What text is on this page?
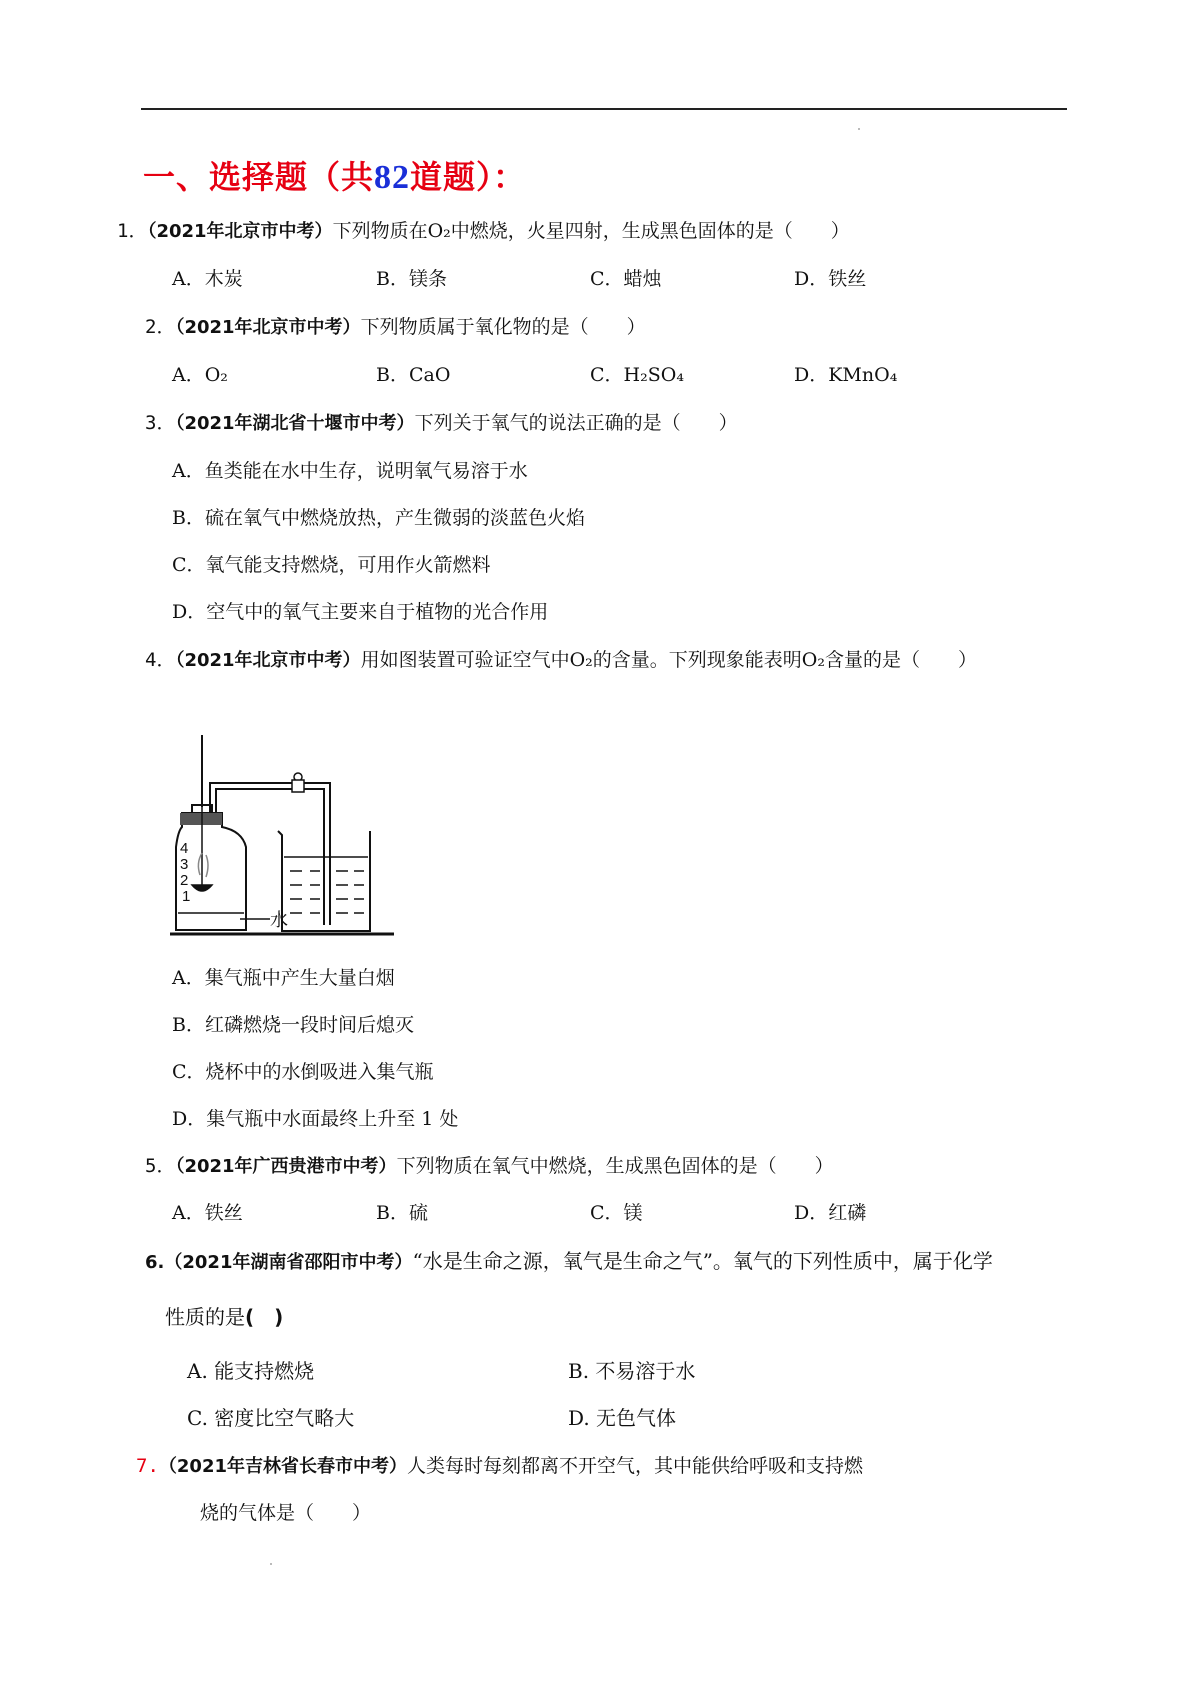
一、选择题（共82道题）：
1．（2021年北京市中考）下列物质在O₂中燃烧，火星四射，生成黑色固体的是（　　）
A．木炭	B．镁条	C．蜡烛	D．铁丝
2．（2021年北京市中考）下列物质属于氧化物的是（　　）
A．O₂	B．CaO	C．H₂SO₄	D．KMnO₄
3．（2021年湖北省十堰市中考）下列关于氧气的说法正确的是（　　）
A．鱼类能在水中生存，说明氧气易溶于水
B．硫在氧气中燃烧放热，产生微弱的淡蓝色火焰
C．氧气能支持燃烧，可用作火箭燃料
D．空气中的氧气主要来自于植物的光合作用
4．（2021年北京市中考）用如图装置可验证空气中O₂的含量。下列现象能表明O₂含量的是（　　）
4
3
2
1
水
A．集气瓶中产生大量白烟
B．红磷燃烧一段时间后熄灭
C．烧杯中的水倒吸进入集气瓶
D．集气瓶中水面最终上升至 1 处
5．（2021年广西贵港市中考）下列物质在氧气中燃烧，生成黑色固体的是（　　）
A．铁丝	B．硫	C．镁	D．红磷
6.（2021年湖南省邵阳市中考）“水是生命之源，氧气是生命之气”。氧气的下列性质中，属于化学
性质的是(　)
A. 能支持燃烧	B. 不易溶于水
C. 密度比空气略大	D. 无色气体
7.（2021年吉林省长春市中考）人类每时每刻都离不开空气，其中能供给呼吸和支持燃
烧的气体是（　　）
